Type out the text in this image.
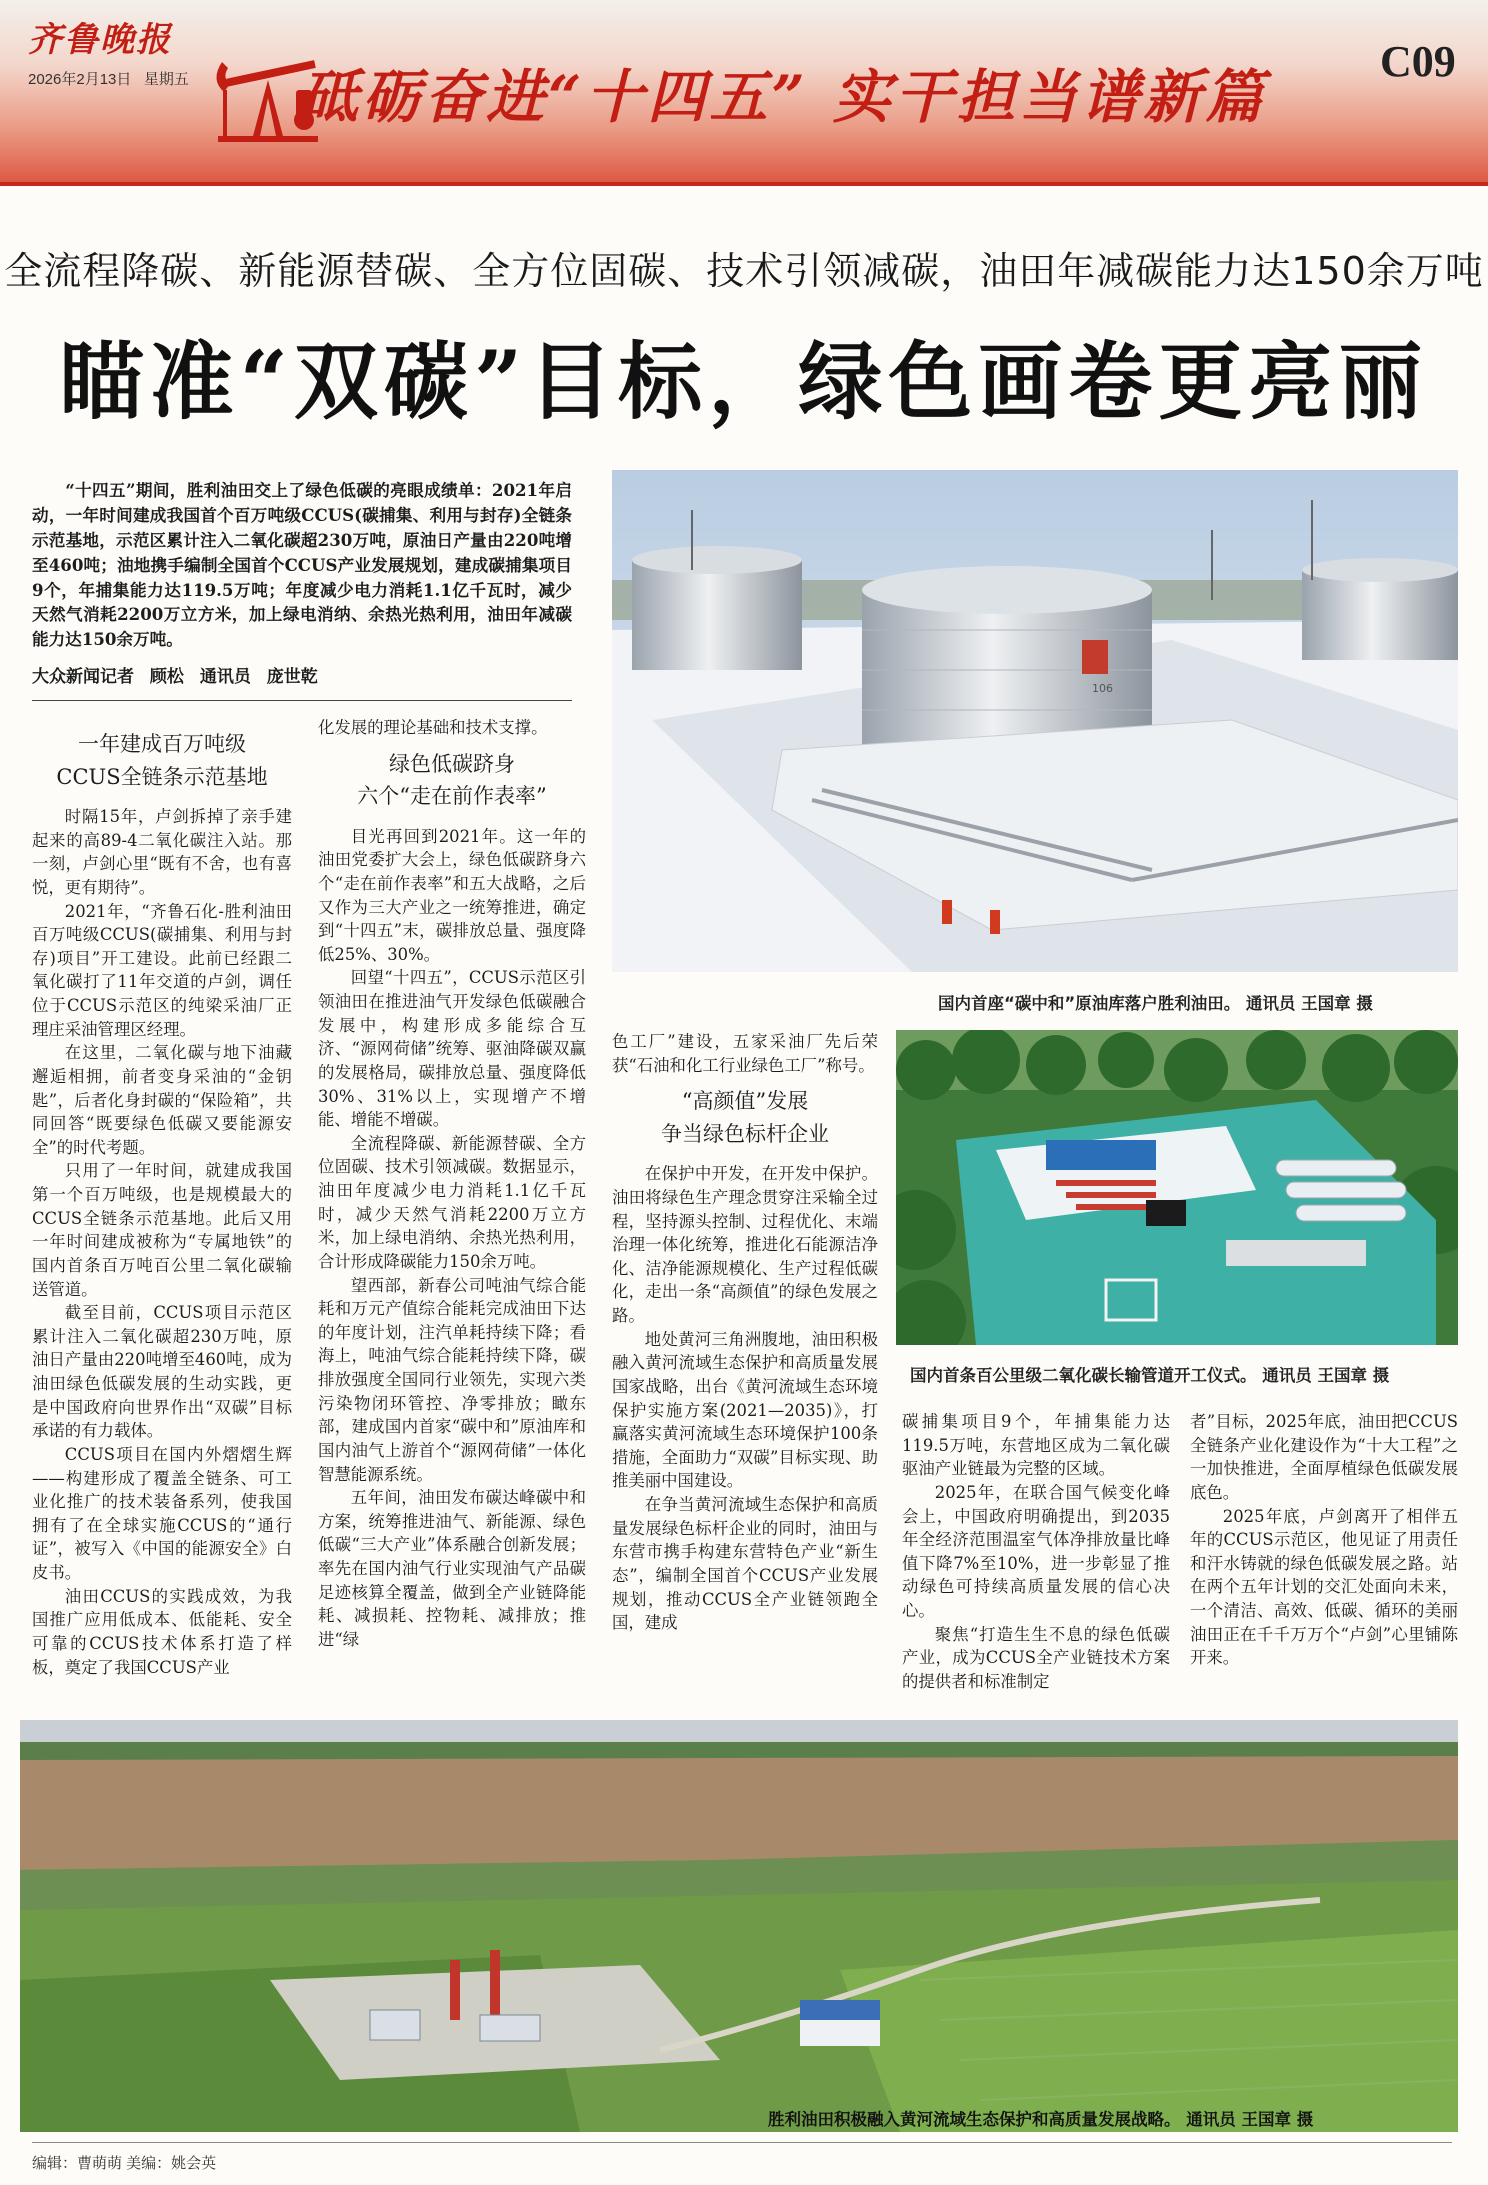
齐鲁晚报
2026年2月13日 星期五 砥砺奋进“十四五” 实干担当谱新篇
C09
全流程降碳、新能源替碳、全方位固碳、技术引领减碳，油田年减碳能力达150余万吨
瞄准“双碳”目标，绿色画卷更亮丽
“十四五”期间，胜利油田交上了绿色低碳的亮眼成绩单：2021年启动，一年时间建成我国首个百万吨级CCUS(碳捕集、利用与封存)全链条示范基地，示范区累计注入二氧化碳超230万吨，原油日产量由220吨增至460吨；油地携手编制全国首个CCUS产业发展规划，建成碳捕集项目9个，年捕集能力达119.5万吨；年度减少电力消耗1.1亿千瓦时，减少天然气消耗2200万立方米，加上绿电消纳、余热光热利用，油田年减碳能力达150余万吨。
大众新闻记者 顾松 通讯员 庞世乾
106
国内首座“碳中和”原油库落户胜利油田。 通讯员 王国章 摄
国内首条百公里级二氧化碳长输管道开工仪式。 通讯员 王国章 摄
一年建成百万吨级
CCUS全链条示范基地

时隔15年，卢剑拆掉了亲手建起来的高89-4二氧化碳注入站。那一刻，卢剑心里“既有不舍，也有喜悦，更有期待”。

2021年，“齐鲁石化-胜利油田百万吨级CCUS(碳捕集、利用与封存)项目”开工建设。此前已经跟二氧化碳打了11年交道的卢剑，调任位于CCUS示范区的纯梁采油厂正理庄采油管理区经理。

在这里，二氧化碳与地下油藏邂逅相拥，前者变身采油的“金钥匙”，后者化身封碳的“保险箱”，共同回答“既要绿色低碳又要能源安全”的时代考题。

只用了一年时间，就建成我国第一个百万吨级，也是规模最大的CCUS全链条示范基地。此后又用一年时间建成被称为“专属地铁”的国内首条百万吨百公里二氧化碳输送管道。

截至目前，CCUS项目示范区累计注入二氧化碳超230万吨，原油日产量由220吨增至460吨，成为油田绿色低碳发展的生动实践，更是中国政府向世界作出“双碳”目标承诺的有力载体。

CCUS项目在国内外熠熠生辉——构建形成了覆盖全链条、可工业化推广的技术装备系列，使我国拥有了在全球实施CCUS的“通行证”，被写入《中国的能源安全》白皮书。

油田CCUS的实践成效，为我国推广应用低成本、低能耗、安全可靠的CCUS技术体系打造了样板，奠定了我国CCUS产业

化发展的理论基础和技术支撑。
绿色低碳跻身
六个“走在前作表率”

目光再回到2021年。这一年的油田党委扩大会上，绿色低碳跻身六个“走在前作表率”和五大战略，之后又作为三大产业之一统筹推进，确定到“十四五”末，碳排放总量、强度降低25%、30%。

回望“十四五”，CCUS示范区引领油田在推进油气开发绿色低碳融合发展中，构建形成多能综合互济、“源网荷储”统筹、驱油降碳双赢的发展格局，碳排放总量、强度降低30%、31%以上，实现增产不增能、增能不增碳。

全流程降碳、新能源替碳、全方位固碳、技术引领减碳。数据显示，油田年度减少电力消耗1.1亿千瓦时，减少天然气消耗2200万立方米，加上绿电消纳、余热光热利用，合计形成降碳能力150余万吨。

望西部，新春公司吨油气综合能耗和万元产值综合能耗完成油田下达的年度计划，注汽单耗持续下降；看海上，吨油气综合能耗持续下降，碳排放强度全国同行业领先，实现六类污染物闭环管控、净零排放；瞰东部，建成国内首家“碳中和”原油库和国内油气上游首个“源网荷储”一体化智慧能源系统。

五年间，油田发布碳达峰碳中和方案，统筹推进油气、新能源、绿色低碳“三大产业”体系融合创新发展；率先在国内油气行业实现油气产品碳足迹核算全覆盖，做到全产业链降能耗、减损耗、控物耗、减排放；推进“绿

色工厂”建设，五家采油厂先后荣获“石油和化工行业绿色工厂”称号。
“高颜值”发展
争当绿色标杆企业

在保护中开发，在开发中保护。油田将绿色生产理念贯穿注采输全过程，坚持源头控制、过程优化、末端治理一体化统筹，推进化石能源洁净化、洁净能源规模化、生产过程低碳化，走出一条“高颜值”的绿色发展之路。

地处黄河三角洲腹地，油田积极融入黄河流域生态保护和高质量发展国家战略，出台《黄河流域生态环境保护实施方案(2021—2035)》，打赢落实黄河流域生态环境保护100条措施，全面助力“双碳”目标实现、助推美丽中国建设。

在争当黄河流域生态保护和高质量发展绿色标杆企业的同时，油田与东营市携手构建东营特色产业“新生态”，编制全国首个CCUS产业发展规划，推动CCUS全产业链领跑全国，建成

碳捕集项目9个，年捕集能力达119.5万吨，东营地区成为二氧化碳驱油产业链最为完整的区域。

2025年，在联合国气候变化峰会上，中国政府明确提出，到2035年全经济范围温室气体净排放量比峰值下降7%至10%，进一步彰显了推动绿色可持续高质量发展的信心决心。

聚焦“打造生生不息的绿色低碳产业，成为CCUS全产业链技术方案的提供者和标准制定

者”目标，2025年底，油田把CCUS全链条产业化建设作为“十大工程”之一加快推进，全面厚植绿色低碳发展底色。

2025年底，卢剑离开了相伴五年的CCUS示范区，他见证了用责任和汗水铸就的绿色低碳发展之路。站在两个五年计划的交汇处面向未来，一个清洁、高效、低碳、循环的美丽油田正在千千万万个“卢剑”心里铺陈开来。

胜利油田积极融入黄河流域生态保护和高质量发展战略。 通讯员 王国章 摄
编辑：曹萌萌 美编：姚会英
